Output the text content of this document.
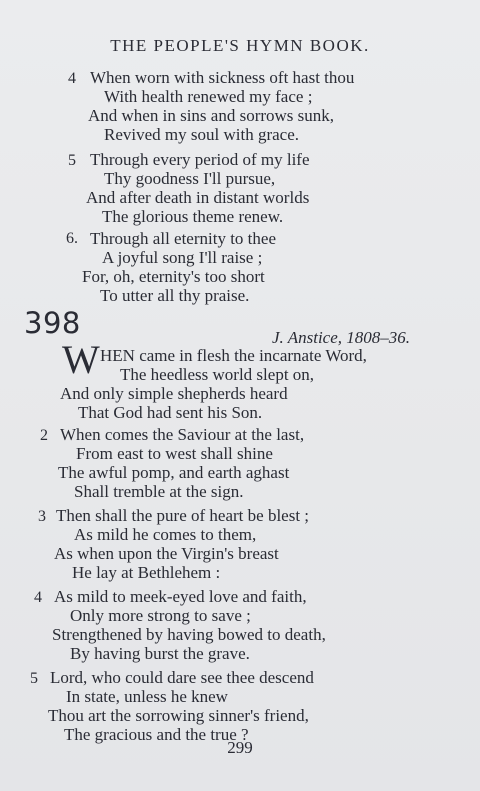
THE PEOPLE'S HYMN BOOK.
4 When worn with sickness oft hast thou
With health renewed my face ;
And when in sins and sorrows sunk,
Revived my soul with grace.
5 Through every period of my life
Thy goodness I'll pursue,
And after death in distant worlds
The glorious theme renew.
6. Through all eternity to thee
A joyful song I'll raise ;
For, oh, eternity's too short
To utter all thy praise.
398	J. Anstice, 1808–36.
W HEN came in flesh the incarnate Word,
The heedless world slept on,
And only simple shepherds heard
That God had sent his Son.
2 When comes the Saviour at the last,
From east to west shall shine
The awful pomp, and earth aghast
Shall tremble at the sign.
3 Then shall the pure of heart be blest ;
As mild he comes to them,
As when upon the Virgin's breast
He lay at Bethlehem :
4 As mild to meek-eyed love and faith,
Only more strong to save ;
Strengthened by having bowed to death,
By having burst the grave.
5 Lord, who could dare see thee descend
In state, unless he knew
Thou art the sorrowing sinner's friend,
The gracious and the true ?
299
